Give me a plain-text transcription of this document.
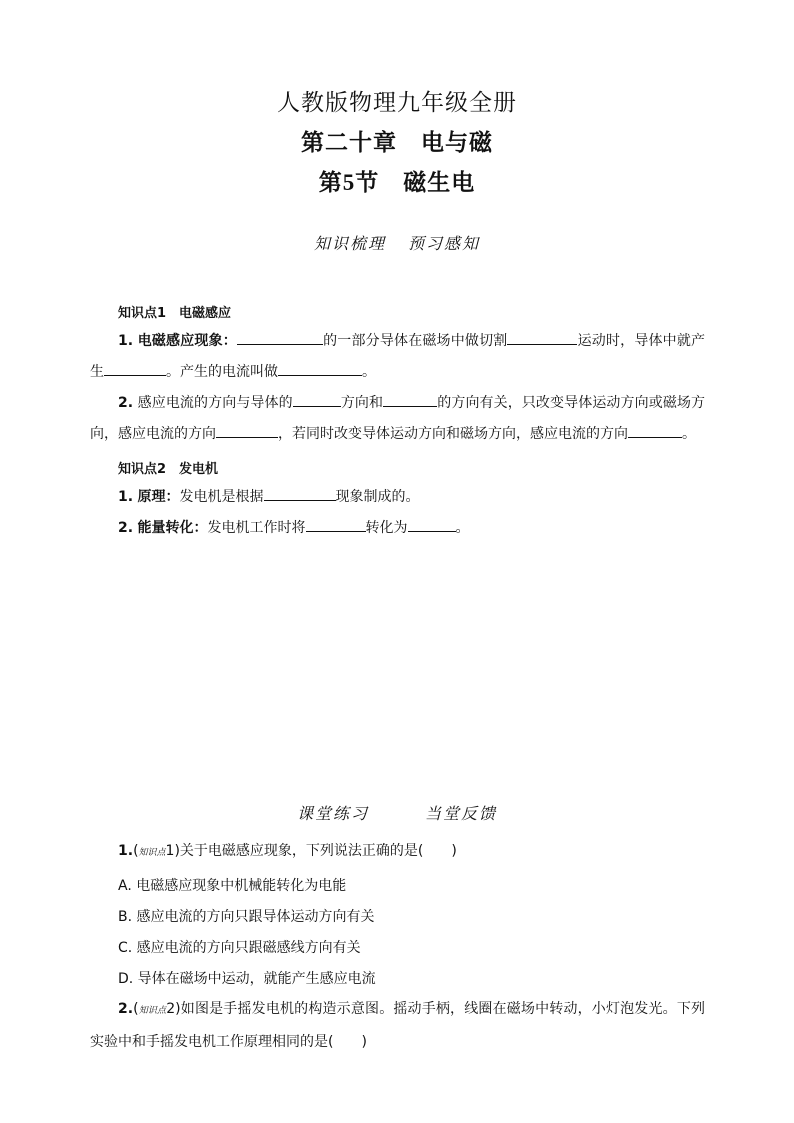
人教版物理九年级全册
第二十章　电与磁
第5节　磁生电
知识梳理 预习感知
知识点1　电磁感应
1. 电磁感应现象：	的一部分导体在磁场中做切割	运动时，导体中就产生	。产生的电流叫做	。
2. 感应电流的方向与导体的	方向和	的方向有关，只改变导体运动方向或磁场方向，感应电流的方向	，若同时改变导体运动方向和磁场方向，感应电流的方向	。
知识点2　发电机
1. 原理：发电机是根据	现象制成的。
2. 能量转化：发电机工作时将	转化为	。
课堂练习	当堂反馈
1.(知识点1)关于电磁感应现象，下列说法正确的是(　　)
A. 电磁感应现象中机械能转化为电能
B. 感应电流的方向只跟导体运动方向有关
C. 感应电流的方向只跟磁感线方向有关
D. 导体在磁场中运动，就能产生感应电流
2.(知识点2)如图是手摇发电机的构造示意图。摇动手柄，线圈在磁场中转动，小灯泡发光。下列实验中和手摇发电机工作原理相同的是(　　)
